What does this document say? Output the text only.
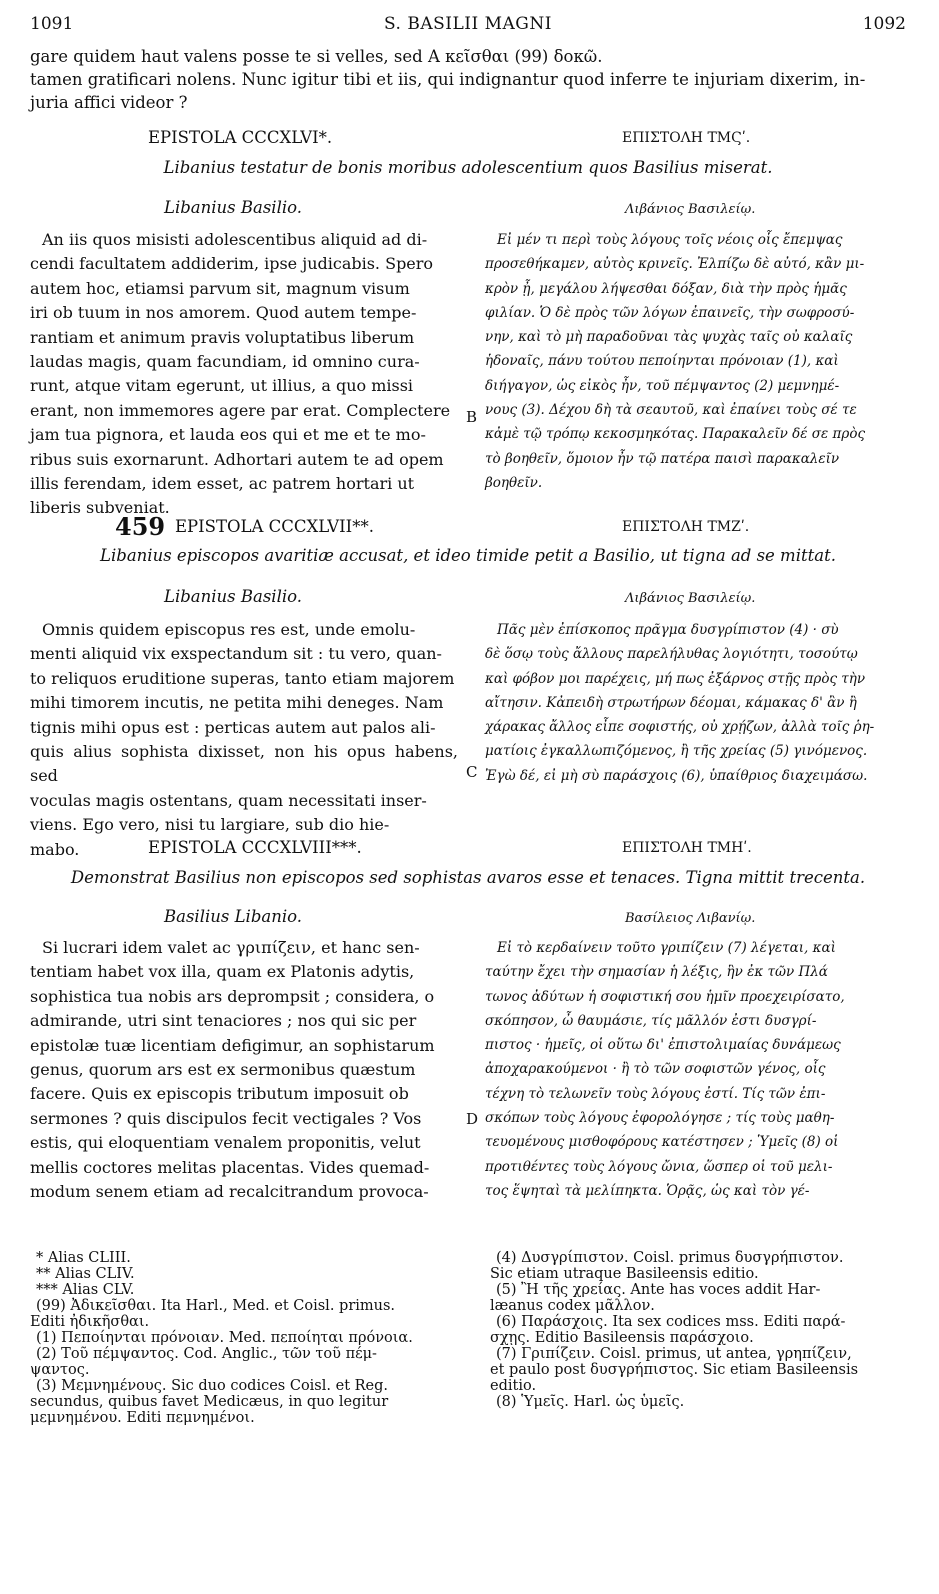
1091	S. BASILII MAGNI	1092
gare quidem haut valens posse te si velles, sed A κεῖσθαι (99) δοκῶ.
tamen gratificari nolens. Nunc igitur tibi et iis, qui indignantur quod inferre te injuriam dixerim, in-
juria affici videor ?
EPISTOLA CCCXLVI*.	ΕΠΙΣΤΟΛΗ ΤΜϚʹ.
Libanius testatur de bonis moribus adolescentium quos Basilius miserat.
Libanius Basilio.	Λιβάνιος Βασιλείῳ.
An iis quos misisti adolescentibus aliquid ad di-
cendi facultatem addiderim, ipse judicabis. Spero
autem hoc, etiamsi parvum sit, magnum visum
iri ob tuum in nos amorem. Quod autem tempe-
rantiam et animum pravis voluptatibus liberum
laudas magis, quam facundiam, id omnino cura-
runt, atque vitam egerunt, ut illius, a quo missi
erant, non immemores agere par erat. Complectere
jam tua pignora, et lauda eos qui et me et te mo-
ribus suis exornarunt. Adhortari autem te ad opem
illis ferendam, idem esset, ac patrem hortari ut
liberis subveniat.
B
Εἰ μέν τι περὶ τοὺς λόγους τοῖς νέοις οἷς ἔπεμψας
προσεθήκαμεν, αὐτὸς κρινεῖς. Ἐλπίζω δὲ αὐτό, κἂν μι-
κρὸν ᾖ, μεγάλου λήψεσθαι δόξαν, διὰ τὴν πρὸς ἡμᾶς
φιλίαν. Ὁ δὲ πρὸς τῶν λόγων ἐπαινεῖς, τὴν σωφροσύ-
νην, καὶ τὸ μὴ παραδοῦναι τὰς ψυχὰς ταῖς οὐ καλαῖς
ἡδοναῖς, πάνυ τούτου πεποίηνται πρόνοιαν (1), καὶ
διήγαγον, ὡς εἰκὸς ἦν, τοῦ πέμψαντος (2) μεμνημέ-
νους (3). Δέχου δὴ τὰ σεαυτοῦ, καὶ ἐπαίνει τοὺς σέ τε
κἀμὲ τῷ τρόπῳ κεκοσμηκότας. Παρακαλεῖν δέ σε πρὸς
τὸ βοηθεῖν, ὅμοιον ἦν τῷ πατέρα παισὶ παρακαλεῖν
βοηθεῖν.
459 EPISTOLA CCCXLVII**.	ΕΠΙΣΤΟΛΗ ΤΜΖʹ.
Libanius episcopos avaritiæ accusat, et ideo timide petit a Basilio, ut tigna ad se mittat.
Libanius Basilio.	Λιβάνιος Βασιλείῳ.
Omnis quidem episcopus res est, unde emolu-
menti aliquid vix exspectandum sit : tu vero, quan-
to reliquos eruditione superas, tanto etiam majorem
mihi timorem incutis, ne petita mihi deneges. Nam
tignis mihi opus est : perticas autem aut palos ali-
quis alius sophista dixisset, non his opus habens, sed
voculas magis ostentans, quam necessitati inser-
viens. Ego vero, nisi tu largiare, sub dio hie-
mabo.
C
Πᾶς μὲν ἐπίσκοπος πρᾶγμα δυσγρίπιστον (4) · σὺ
δὲ ὅσῳ τοὺς ἄλλους παρελήλυθας λογιότητι, τοσούτῳ
καὶ φόβον μοι παρέχεις, μή πως ἐξάρνος στῇς πρὸς τὴν
αἴτησιν. Κἀπειδὴ στρωτήρων δέομαι, κάμακας δ' ἂν ἢ
χάρακας ἄλλος εἶπε σοφιστής, οὐ χρῄζων, ἀλλὰ τοῖς ῥη-
ματίοις ἐγκαλλωπιζόμενος, ἢ τῆς χρείας (5) γινόμενος.
Ἐγὼ δέ, εἰ μὴ σὺ παράσχοις (6), ὑπαίθριος διαχειμάσω.
EPISTOLA CCCXLVIII***.	ΕΠΙΣΤΟΛΗ ΤΜΗʹ.
Demonstrat Basilius non episcopos sed sophistas avaros esse et tenaces. Tigna mittit trecenta.
Basilius Libanio.	Βασίλειος Λιβανίῳ.
Si lucrari idem valet ac γριπίζειν, et hanc sen-
tentiam habet vox illa, quam ex Platonis adytis,
sophistica tua nobis ars deprompsit ; considera, o
admirande, utri sint tenaciores ; nos qui sic per
epistolæ tuæ licentiam defigimur, an sophistarum
genus, quorum ars est ex sermonibus quæstum
facere. Quis ex episcopis tributum imposuit ob
sermones ? quis discipulos fecit vectigales ? Vos
estis, qui eloquentiam venalem proponitis, velut
mellis coctores melitas placentas. Vides quemad-
modum senem etiam ad recalcitrandum provoca-
D
Εἰ τὸ κερδαίνειν τοῦτο γριπίζειν (7) λέγεται, καὶ
ταύτην ἔχει τὴν σημασίαν ἡ λέξις, ἣν ἐκ τῶν Πλά
τωνος ἀδύτων ἡ σοφιστική σου ἡμῖν προεχειρίσατο,
σκόπησον, ὦ θαυμάσιε, τίς μᾶλλόν ἐστι δυσγρί-
πιστος · ἡμεῖς, οἱ οὕτω δι' ἐπιστολιμαίας δυνάμεως
ἀποχαρακούμενοι · ἢ τὸ τῶν σοφιστῶν γένος, οἷς
τέχνη τὸ τελωνεῖν τοὺς λόγους ἐστί. Τίς τῶν ἐπι-
σκόπων τοὺς λόγους ἐφορολόγησε ; τίς τοὺς μαθη-
τευομένους μισθοφόρους κατέστησεν ; Ὑμεῖς (8) οἱ
προτιθέντες τοὺς λόγους ὤνια, ὥσπερ οἱ τοῦ μελι-
τος ἕψηταὶ τὰ μελίπηκτα. Ὁρᾷς, ὡς καὶ τὸν γέ-
* Alias CLIII.
** Alias CLIV.
*** Alias CLV.
(99) Ἀδικεῖσθαι. Ita Harl., Med. et Coisl. primus.
Editi ἠδικῆσθαι.
(1) Πεποίηνται πρόνοιαν. Med. πεποίηται πρόνοια.
(2) Τοῦ πέμψαντος. Cod. Anglic., τῶν τοῦ πέμ-
ψαντος.
(3) Μεμνημένους. Sic duo codices Coisl. et Reg.
secundus, quibus favet Medicæus, in quo legitur
μεμνημένου. Editi πεμνημένοι.
(4) Δυσγρίπιστον. Coisl. primus δυσγρήπιστον.
Sic etiam utraque Basileensis editio.
(5) Ἢ τῆς χρείας. Ante has voces addit Har-
læanus codex μᾶλλον.
(6) Παράσχοις. Ita sex codices mss. Editi παρά-
σχῃς. Editio Basileensis παράσχοιο.
(7) Γριπίζειν. Coisl. primus, ut antea, γρηπίζειν,
et paulo post δυσγρήπιστος. Sic etiam Basileensis
editio.
(8) Ὑμεῖς. Harl. ὡς ὑμεῖς.
